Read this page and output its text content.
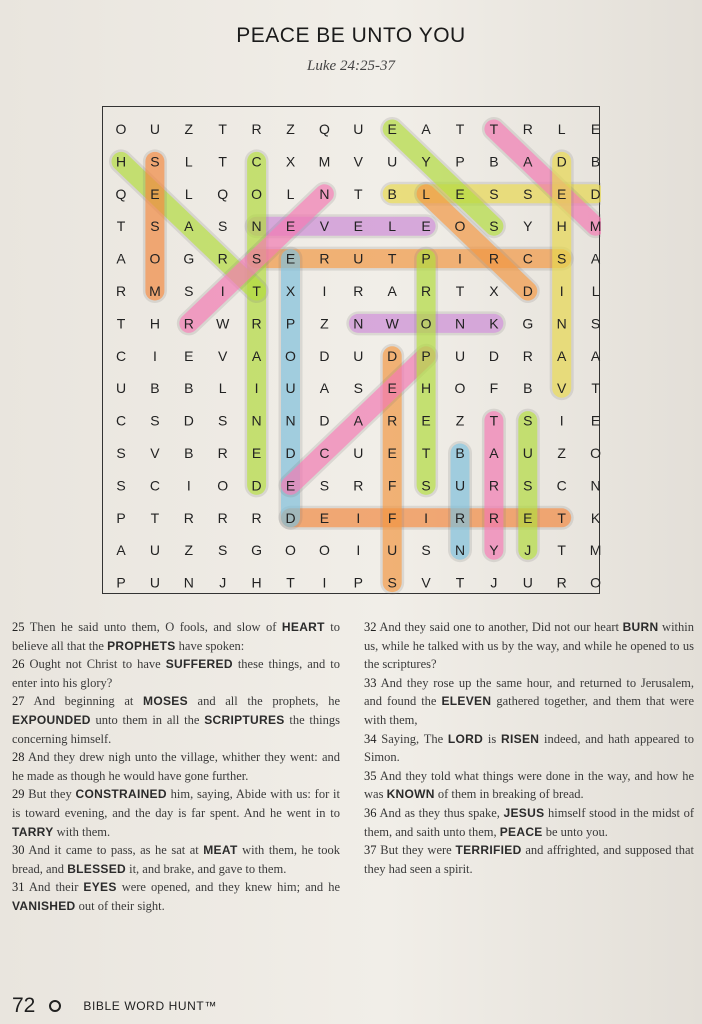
PEACE BE UNTO YOU
Luke 24:25-37
O U Z T R Z Q U E A T T R L E
H S L T C X M V U Y P B A D B
Q E L Q O L N T B L E S S E D
T S A S N E V E L E O S Y H M
A O G R S E R U T P I R C S A
R M S I T X I R A R T X D I L
T H R W R P Z N W O N K G N S
C I E V A O D U D P U D R A A
U B B L I U A S E H O F B V T
C S D S N N D A R E Z T S I E
S V B R E D C U E T B A U Z O
S C I O D E S R F S U R S C N
P T R R R D E I F I R R E T K
A U Z S G O O I U S N Y J T M
P U N J H T I P S V T J U R O
25 Then he said unto them, O fools, and slow of HEART to believe all that the PROPHETS have spoken:
26 Ought not Christ to have SUFFERED these things, and to enter into his glory?
27 And beginning at MOSES and all the prophets, he EXPOUNDED unto them in all the SCRIPTURES the things concerning himself.
28 And they drew nigh unto the village, whither they went: and he made as though he would have gone further.
29 But they CONSTRAINED him, saying, Abide with us: for it is toward evening, and the day is far spent. And he went in to TARRY with them.
30 And it came to pass, as he sat at MEAT with them, he took bread, and BLESSED it, and brake, and gave to them.
31 And their EYES were opened, and they knew him; and he VANISHED out of their sight.
32 And they said one to another, Did not our heart BURN within us, while he talked with us by the way, and while he opened to us the scriptures?
33 And they rose up the same hour, and returned to Jerusalem, and found the ELEVEN gathered together, and them that were with them,
34 Saying, The LORD is RISEN indeed, and hath appeared to Simon.
35 And they told what things were done in the way, and how he was KNOWN of them in breaking of bread.
36 And as they thus spake, JESUS himself stood in the midst of them, and saith unto them, PEACE be unto you.
37 But they were TERRIFIED and affrighted, and supposed that they had seen a spirit.
72	BIBLE WORD HUNT™
